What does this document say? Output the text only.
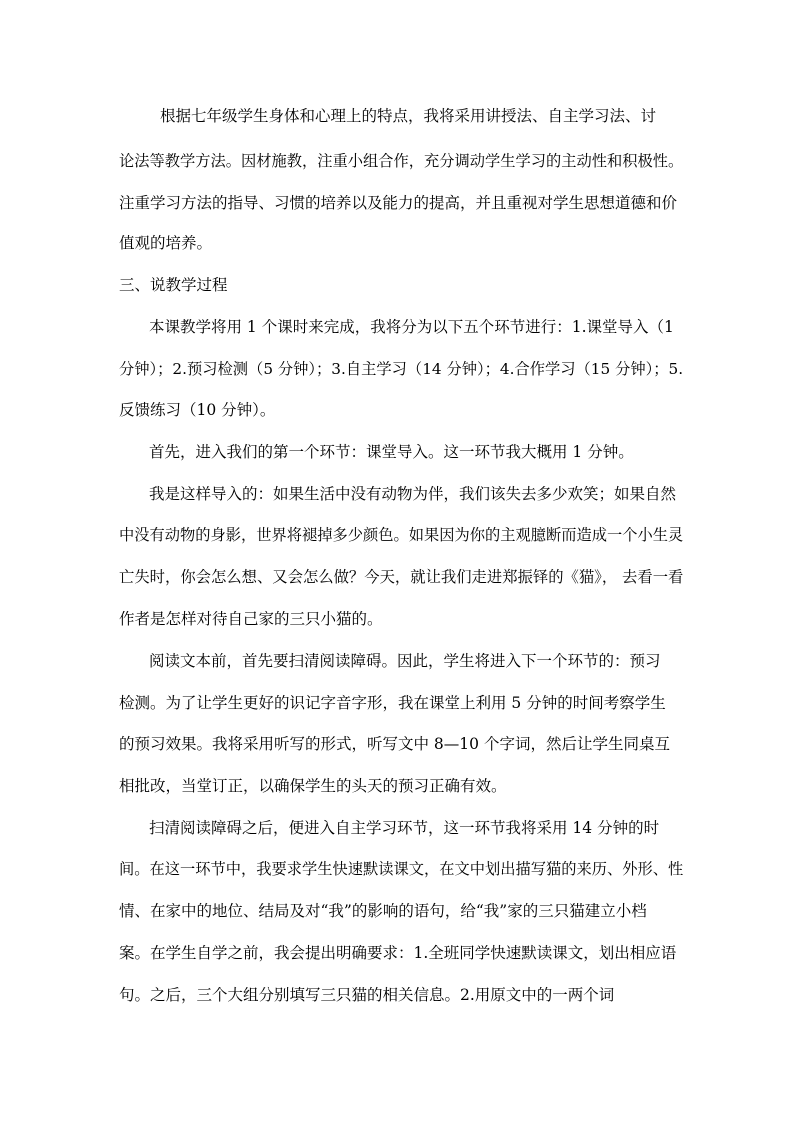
根据七年级学生身体和心理上的特点，我将采用讲授法、自主学习法、讨
论法等教学方法。因材施教，注重小组合作，充分调动学生学习的主动性和积极性。
注重学习方法的指导、习惯的培养以及能力的提高，并且重视对学生思想道德和价
值观的培养。
三、说教学过程
本课教学将用 1 个课时来完成，我将分为以下五个环节进行：1.课堂导入（1
分钟）；2.预习检测（5 分钟）；3.自主学习（14 分钟）；4.合作学习（15 分钟）；5.
反馈练习（10 分钟）。
首先，进入我们的第一个环节：课堂导入。这一环节我大概用 1 分钟。
我是这样导入的：如果生活中没有动物为伴，我们该失去多少欢笑；如果自然
中没有动物的身影，世界将褪掉多少颜色。如果因为你的主观臆断而造成一个小生灵
亡失时，你会怎么想、又会怎么做？今天，就让我们走进郑振铎的《猫》， 去看一看
作者是怎样对待自己家的三只小猫的。
阅读文本前，首先要扫清阅读障碍。因此，学生将进入下一个环节的：预习
检测。为了让学生更好的识记字音字形，我在课堂上利用 5 分钟的时间考察学生
的预习效果。我将采用听写的形式，听写文中 8—10 个字词，然后让学生同桌互
相批改，当堂订正，以确保学生的头天的预习正确有效。
扫清阅读障碍之后，便进入自主学习环节，这一环节我将采用 14 分钟的时
间。在这一环节中，我要求学生快速默读课文，在文中划出描写猫的来历、外形、性
情、在家中的地位、结局及对“我”的影响的语句，给“我”家的三只猫建立小档
案。在学生自学之前，我会提出明确要求：1.全班同学快速默读课文，划出相应语
句。之后，三个大组分别填写三只猫的相关信息。2.用原文中的一两个词
